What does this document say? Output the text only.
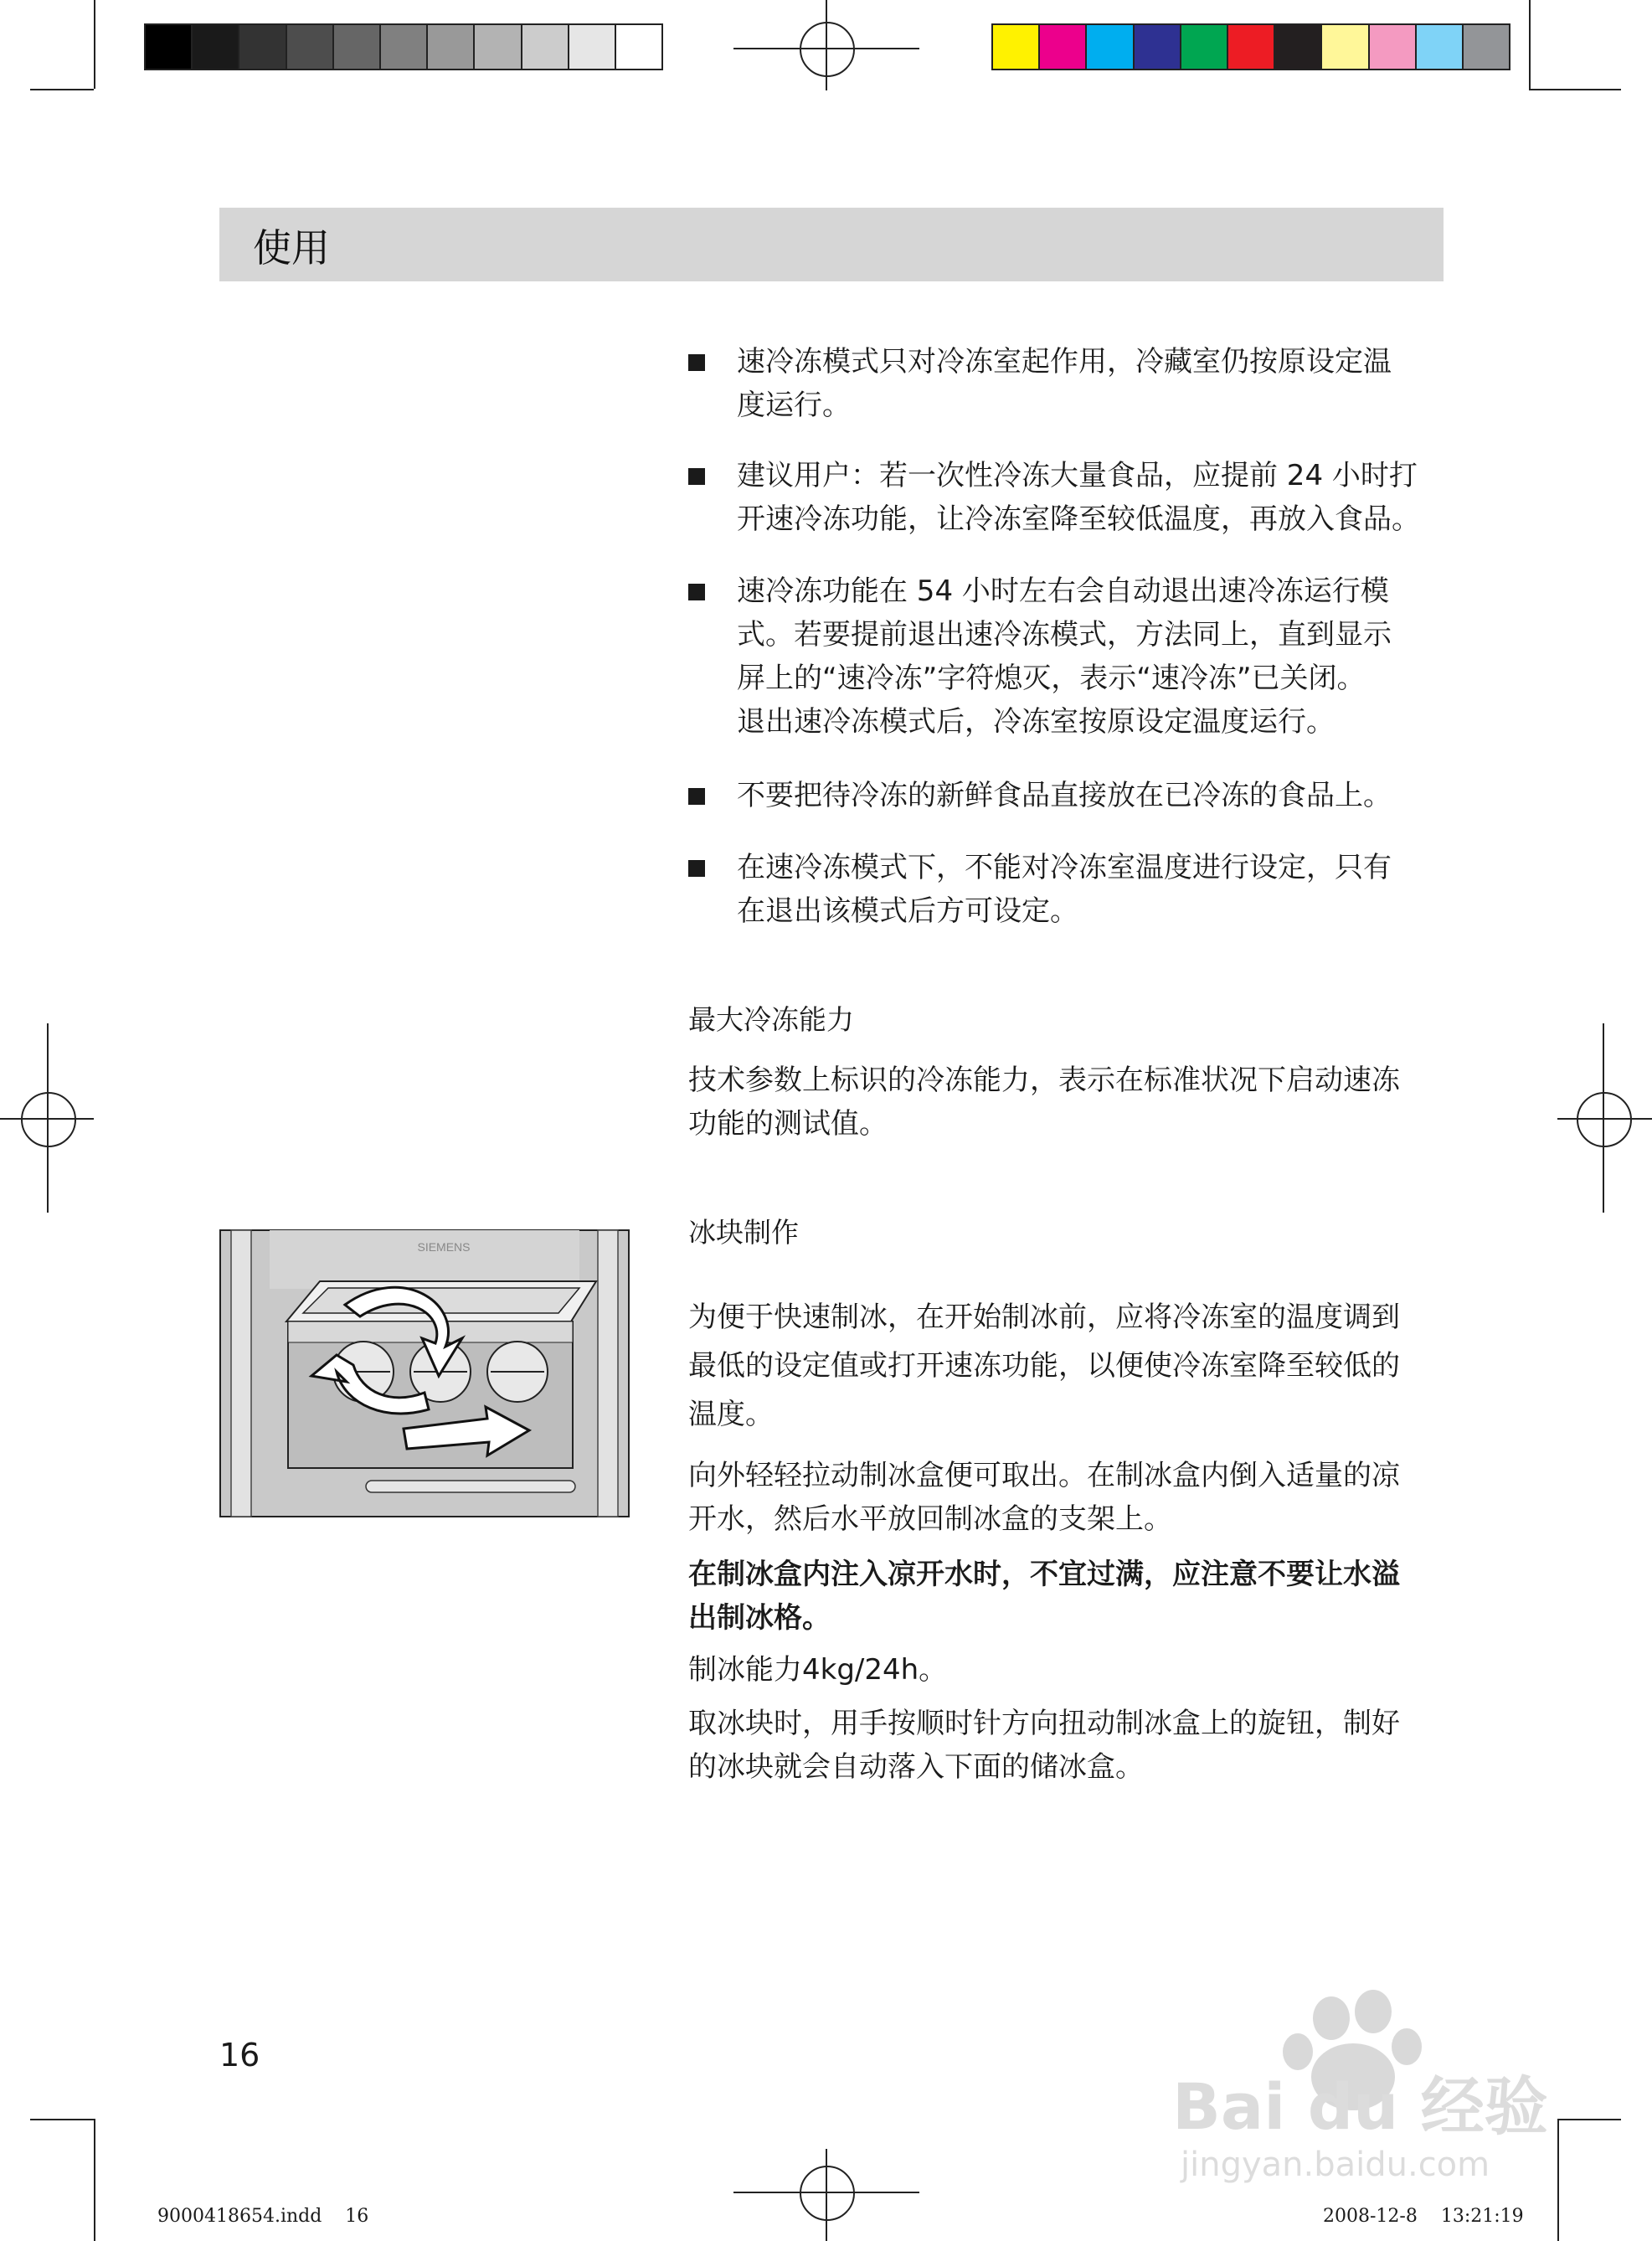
使用
速冷冻模式只对冷冻室起作用，冷藏室仍按原设定温
度运行。
建议用户：若一次性冷冻大量食品，应提前 24 小时打
开速冷冻功能，让冷冻室降至较低温度，再放入食品。
速冷冻功能在 54 小时左右会自动退出速冷冻运行模
式。若要提前退出速冷冻模式，方法同上，直到显示
屏上的“速冷冻”字符熄灭，表示“速冷冻”已关闭。
退出速冷冻模式后，冷冻室按原设定温度运行。
不要把待冷冻的新鲜食品直接放在已冷冻的食品上。
在速冷冻模式下，不能对冷冻室温度进行设定，只有
在退出该模式后方可设定。
最大冷冻能力
技术参数上标识的冷冻能力，表示在标准状况下启动速冻
功能的测试值。
冰块制作
为便于快速制冰，在开始制冰前，应将冷冻室的温度调到
最低的设定值或打开速冻功能，以便使冷冻室降至较低的
温度。
向外轻轻拉动制冰盒便可取出。在制冰盒内倒入适量的凉
开水，然后水平放回制冰盒的支架上。
在制冰盒内注入凉开水时，不宜过满，应注意不要让水溢
出制冰格。
制冰能力4kg/24h。
取冰块时，用手按顺时针方向扭动制冰盒上的旋钮，制好
的冰块就会自动落入下面的储冰盒。
SIEMENS
16
9000418654.indd    16	2008-12-8    13:21:19
Bai du 经验
jingyan.baidu.com
